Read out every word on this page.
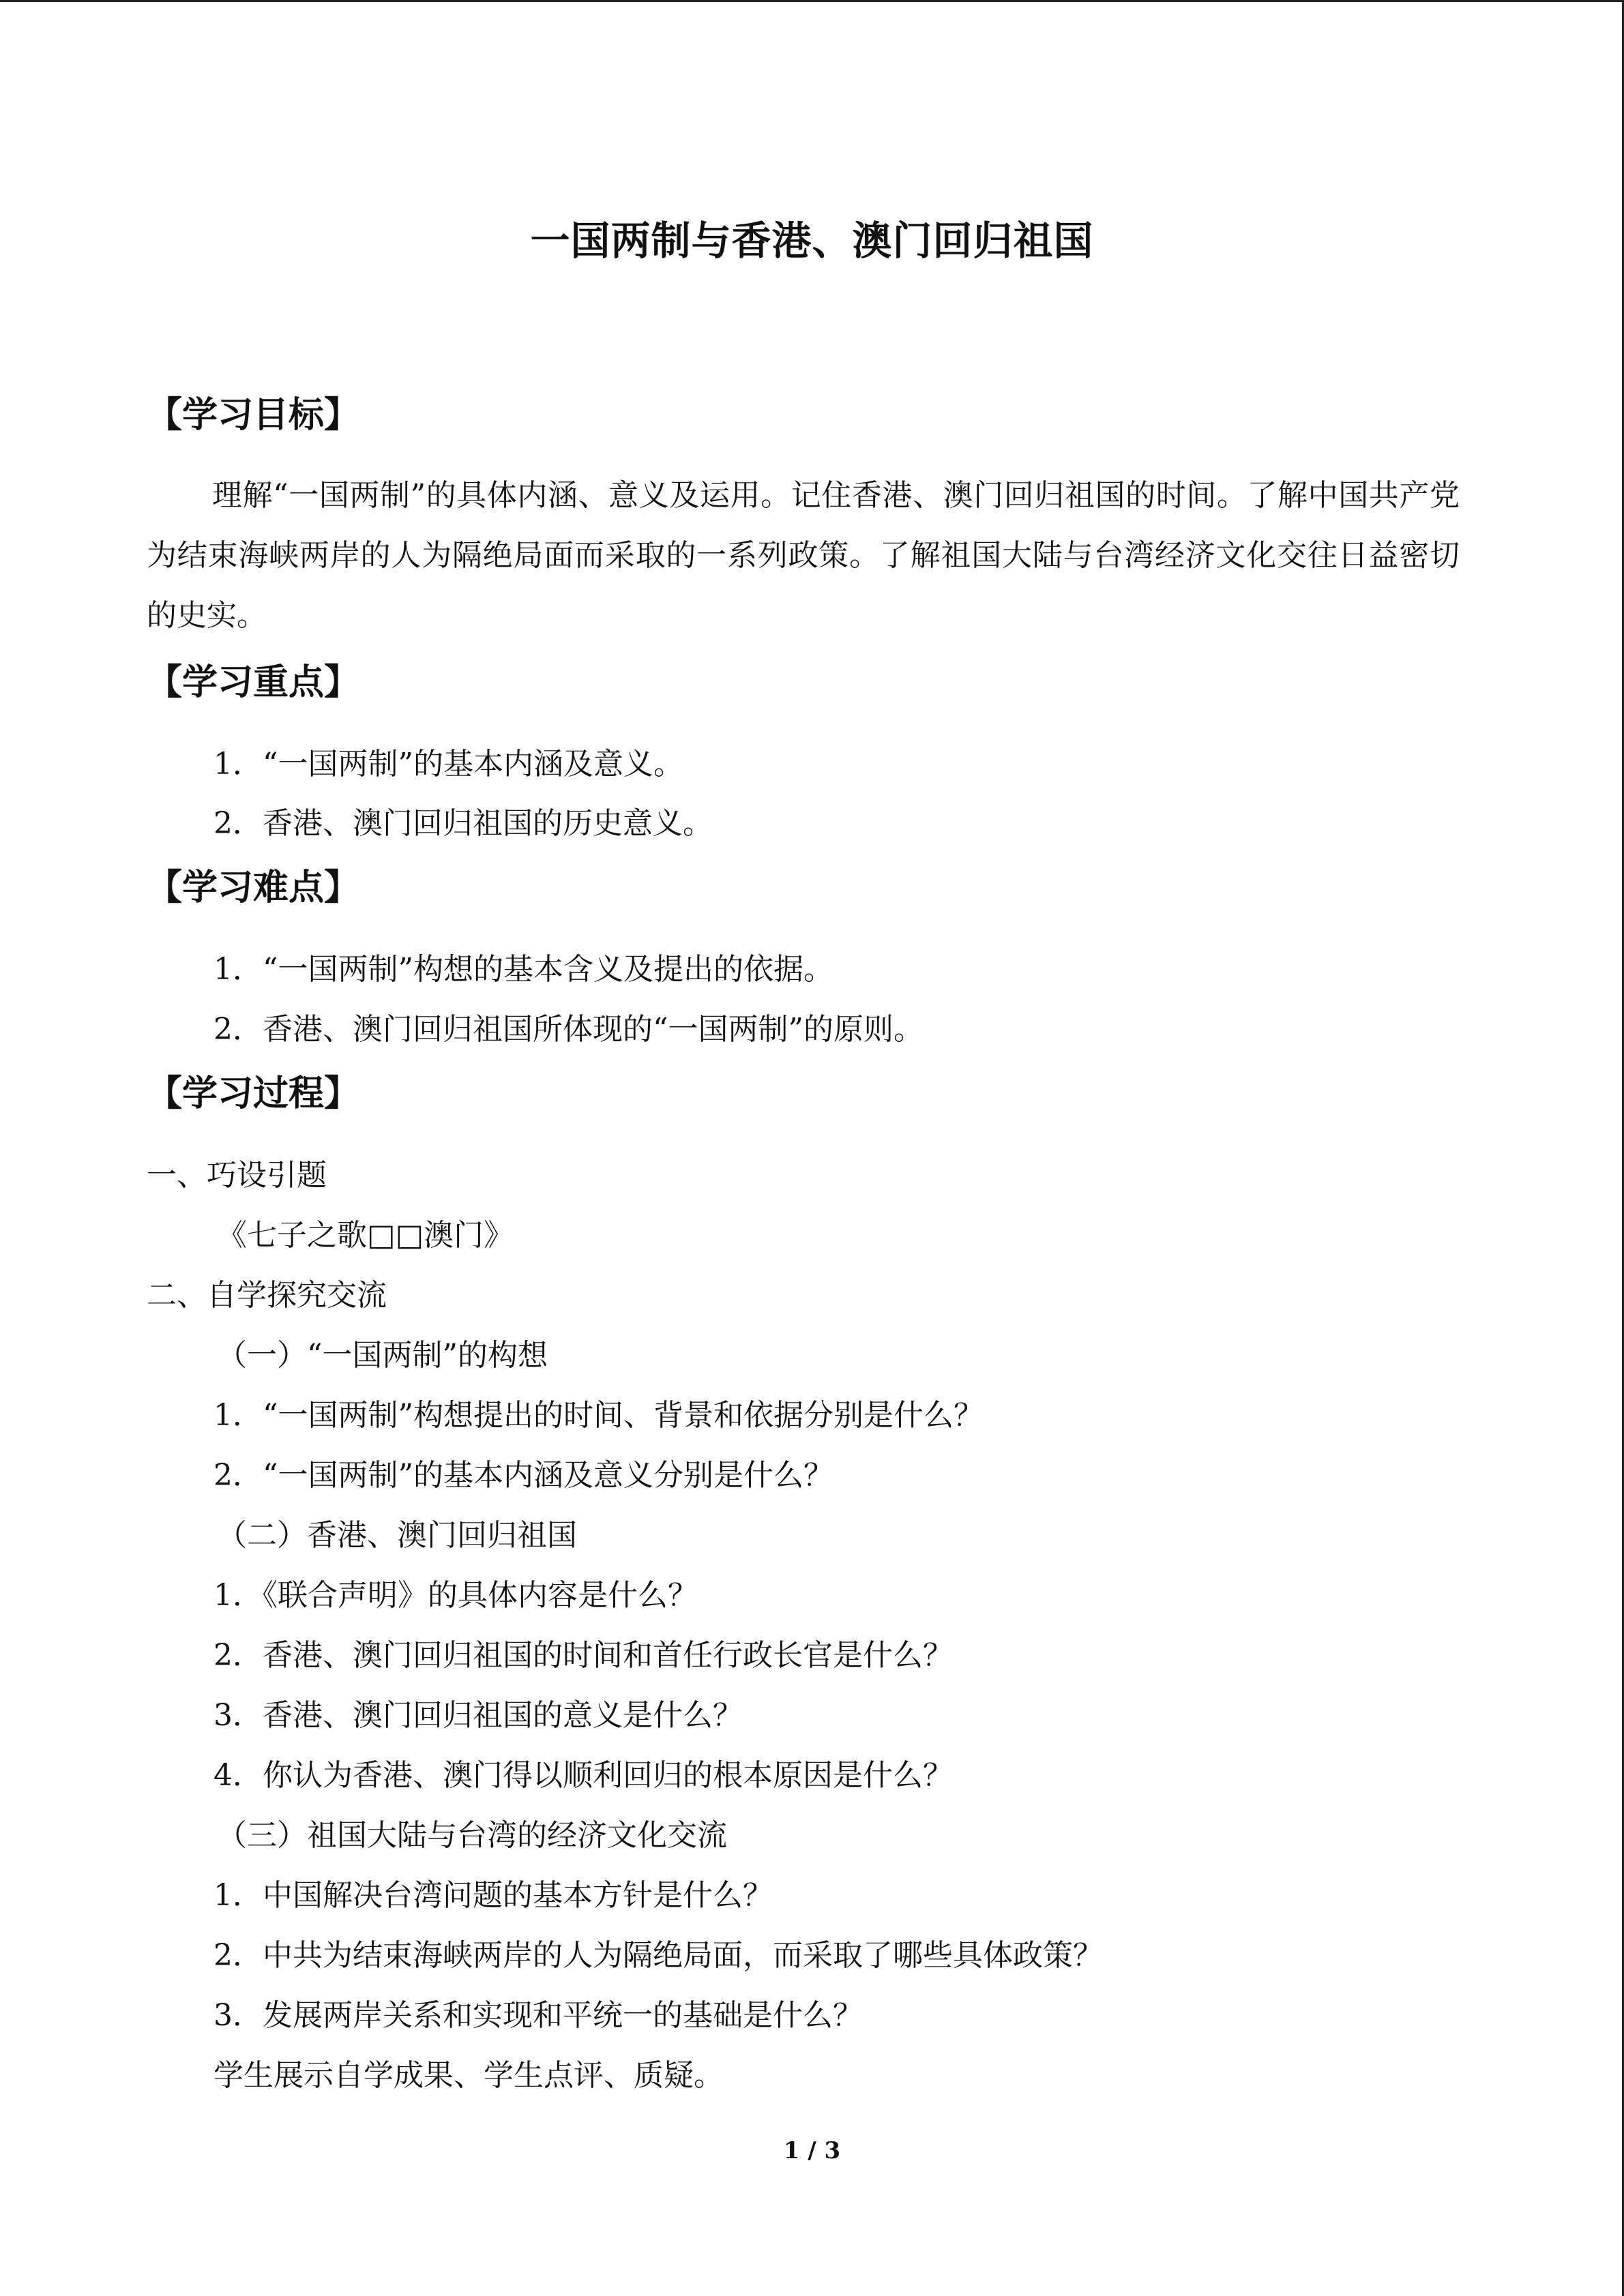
一国两制与香港、澳门回归祖国
【学习目标】
理解“一国两制”的具体内涵、意义及运用。记住香港、澳门回归祖国的时间。了解中国共产党为结束海峡两岸的人为隔绝局面而采取的一系列政策。了解祖国大陆与台湾经济文化交往日益密切的史实。
【学习重点】
1．“一国两制”的基本内涵及意义。
2．香港、澳门回归祖国的历史意义。
【学习难点】
1．“一国两制”构想的基本含义及提出的依据。
2．香港、澳门回归祖国所体现的“一国两制”的原则。
【学习过程】
一、巧设引题
《七子之歌□□澳门》
二、自学探究交流
（一）“一国两制”的构想
1．“一国两制”构想提出的时间、背景和依据分别是什么？
2．“一国两制”的基本内涵及意义分别是什么？
（二）香港、澳门回归祖国
1．《联合声明》的具体内容是什么？
2．香港、澳门回归祖国的时间和首任行政长官是什么？
3．香港、澳门回归祖国的意义是什么？
4．你认为香港、澳门得以顺利回归的根本原因是什么？
（三）祖国大陆与台湾的经济文化交流
1．中国解决台湾问题的基本方针是什么？
2．中共为结束海峡两岸的人为隔绝局面，而采取了哪些具体政策？
3．发展两岸关系和实现和平统一的基础是什么？
学生展示自学成果、学生点评、质疑。
1 / 3
